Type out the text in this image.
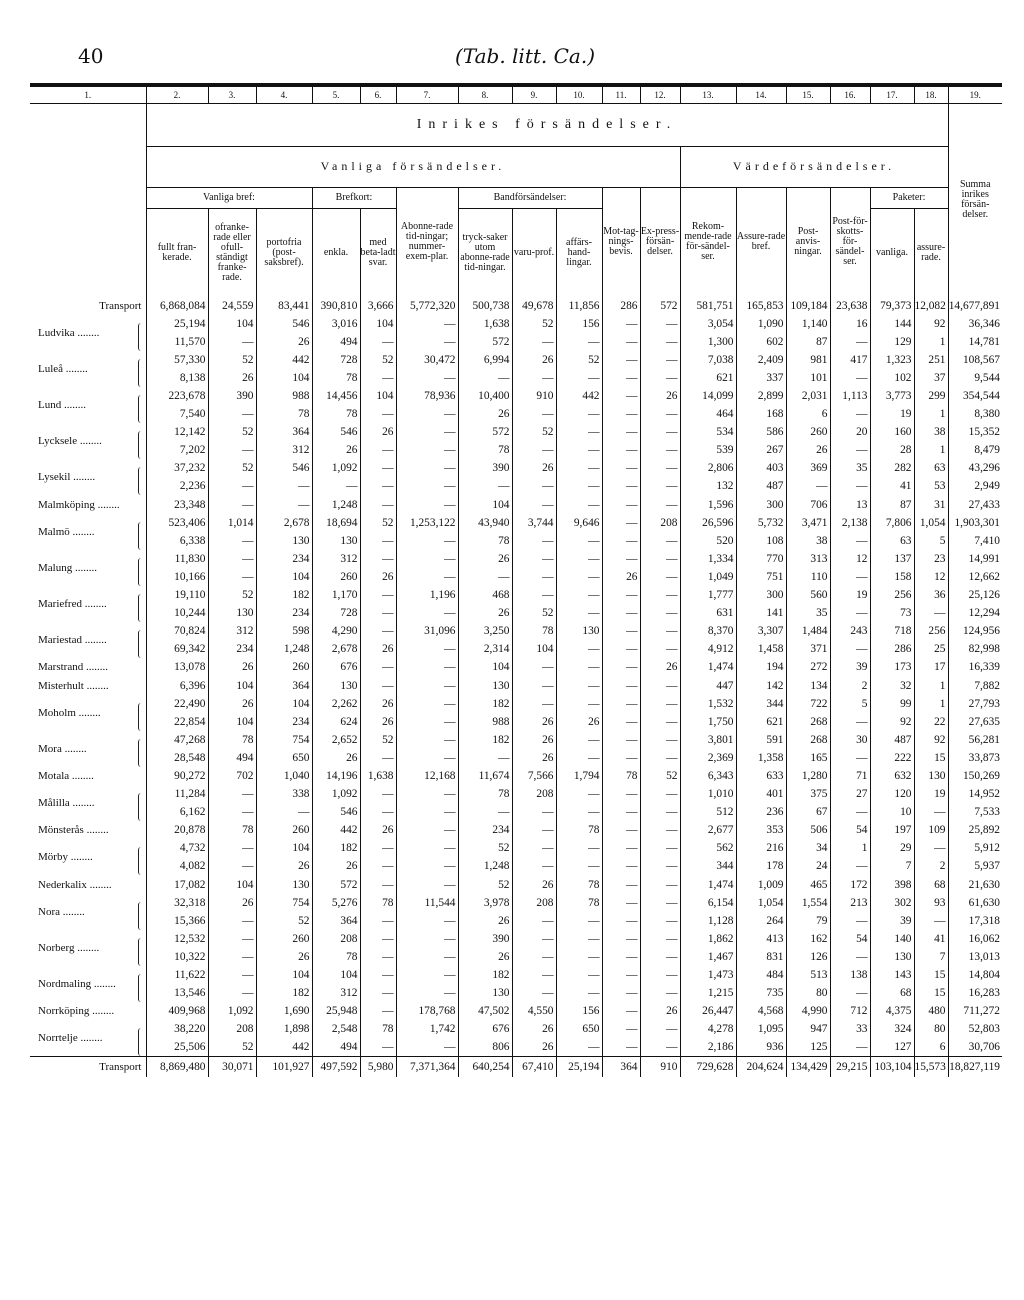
40	(Tab. litt. Ca.)
1.	2.	3.	4.	5.	6.	7.	8.	9.	10.	11.	12.	13.	14.	15.	16.	17.	18.	19.
	Inrikes försändelser.																	Summa inrikes försän-delser.
	Vanliga försändelser.											Värdeförsändelser.						
	Vanliga bref:			Brefkort:		Abonne-rade tid-ningar; nummer-exem-plar.	Bandförsändelser:			Mot-tag-nings-bevis.	Ex-press-försän-delser.	Rekom-mende-rade för-sändel-ser.	Assure-rade bref.	Post-anvis-ningar.	Post-för-skotts-för-sändel-ser.	Paketer:		
	fullt fran-kerade.	ofranke-rade eller ofull-ständigt franke-rade.	portofria (post-saksbref).	enkla.	med beta-ladt svar.		tryck-saker utom abonne-rade tid-ningar.	varu-prof.	affärs-hand-lingar.							vanliga.	assure-rade.	
Transport	6,868,084	24,559	83,441	390,810	3,666	5,772,320	500,738	49,678	11,856	286	572	581,751	165,853	109,184	23,638	79,373	12,082	14,677,891
Ludvika ........	25,194	104	546	3,016	104	—	1,638	52	156	—	—	3,054	1,090	1,140	16	144	92	36,346
	11,570	—	26	494	—	—	572	—	—	—	—	1,300	602	87	—	129	1	14,781
Luleå ........	57,330	52	442	728	52	30,472	6,994	26	52	—	—	7,038	2,409	981	417	1,323	251	108,567
	8,138	26	104	78	—	—	—	—	—	—	—	621	337	101	—	102	37	9,544
Lund ........	223,678	390	988	14,456	104	78,936	10,400	910	442	—	26	14,099	2,899	2,031	1,113	3,773	299	354,544
	7,540	—	78	78	—	—	26	—	—	—	—	464	168	6	—	19	1	8,380
Lycksele ........	12,142	52	364	546	26	—	572	52	—	—	—	534	586	260	20	160	38	15,352
	7,202	—	312	26	—	—	78	—	—	—	—	539	267	26	—	28	1	8,479
Lysekil ........	37,232	52	546	1,092	—	—	390	26	—	—	—	2,806	403	369	35	282	63	43,296
	2,236	—	—	—	—	—	—	—	—	—	—	132	487	—	—	41	53	2,949
Malmköping ........	23,348	—	—	1,248	—	—	104	—	—	—	—	1,596	300	706	13	87	31	27,433
Malmö ........	523,406	1,014	2,678	18,694	52	1,253,122	43,940	3,744	9,646	—	208	26,596	5,732	3,471	2,138	7,806	1,054	1,903,301
	6,338	—	130	130	—	—	78	—	—	—	—	520	108	38	—	63	5	7,410
Malung ........	11,830	—	234	312	—	—	26	—	—	—	—	1,334	770	313	12	137	23	14,991
	10,166	—	104	260	26	—	—	—	—	26	—	1,049	751	110	—	158	12	12,662
Mariefred ........	19,110	52	182	1,170	—	1,196	468	—	—	—	—	1,777	300	560	19	256	36	25,126
	10,244	130	234	728	—	—	26	52	—	—	—	631	141	35	—	73	—	12,294
Mariestad ........	70,824	312	598	4,290	—	31,096	3,250	78	130	—	—	8,370	3,307	1,484	243	718	256	124,956
	69,342	234	1,248	2,678	26	—	2,314	104	—	—	—	4,912	1,458	371	—	286	25	82,998
Marstrand ........	13,078	26	260	676	—	—	104	—	—	—	26	1,474	194	272	39	173	17	16,339
Misterhult ........	6,396	104	364	130	—	—	130	—	—	—	—	447	142	134	2	32	1	7,882
Moholm ........	22,490	26	104	2,262	26	—	182	—	—	—	—	1,532	344	722	5	99	1	27,793
	22,854	104	234	624	26	—	988	26	26	—	—	1,750	621	268	—	92	22	27,635
Mora ........	47,268	78	754	2,652	52	—	182	26	—	—	—	3,801	591	268	30	487	92	56,281
	28,548	494	650	26	—	—	—	26	—	—	—	2,369	1,358	165	—	222	15	33,873
Motala ........	90,272	702	1,040	14,196	1,638	12,168	11,674	7,566	1,794	78	52	6,343	633	1,280	71	632	130	150,269
Målilla ........	11,284	—	338	1,092	—	—	78	208	—	—	—	1,010	401	375	27	120	19	14,952
	6,162	—	—	546	—	—	—	—	—	—	—	512	236	67	—	10	—	7,533
Mönsterås ........	20,878	78	260	442	26	—	234	—	78	—	—	2,677	353	506	54	197	109	25,892
Mörby ........	4,732	—	104	182	—	—	52	—	—	—	—	562	216	34	1	29	—	5,912
	4,082	—	26	26	—	—	1,248	—	—	—	—	344	178	24	—	7	2	5,937
Nederkalix ........	17,082	104	130	572	—	—	52	26	78	—	—	1,474	1,009	465	172	398	68	21,630
Nora ........	32,318	26	754	5,276	78	11,544	3,978	208	78	—	—	6,154	1,054	1,554	213	302	93	61,630
	15,366	—	52	364	—	—	26	—	—	—	—	1,128	264	79	—	39	—	17,318
Norberg ........	12,532	—	260	208	—	—	390	—	—	—	—	1,862	413	162	54	140	41	16,062
	10,322	—	26	78	—	—	26	—	—	—	—	1,467	831	126	—	130	7	13,013
Nordmaling ........	11,622	—	104	104	—	—	182	—	—	—	—	1,473	484	513	138	143	15	14,804
	13,546	—	182	312	—	—	130	—	—	—	—	1,215	735	80	—	68	15	16,283
Norrköping ........	409,968	1,092	1,690	25,948	—	178,768	47,502	4,550	156	—	26	26,447	4,568	4,990	712	4,375	480	711,272
Norrtelje ........	38,220	208	1,898	2,548	78	1,742	676	26	650	—	—	4,278	1,095	947	33	324	80	52,803
	25,506	52	442	494	—	—	806	26	—	—	—	2,186	936	125	—	127	6	30,706
Transport	8,869,480	30,071	101,927	497,592	5,980	7,371,364	640,254	67,410	25,194	364	910	729,628	204,624	134,429	29,215	103,104	15,573	18,827,119
